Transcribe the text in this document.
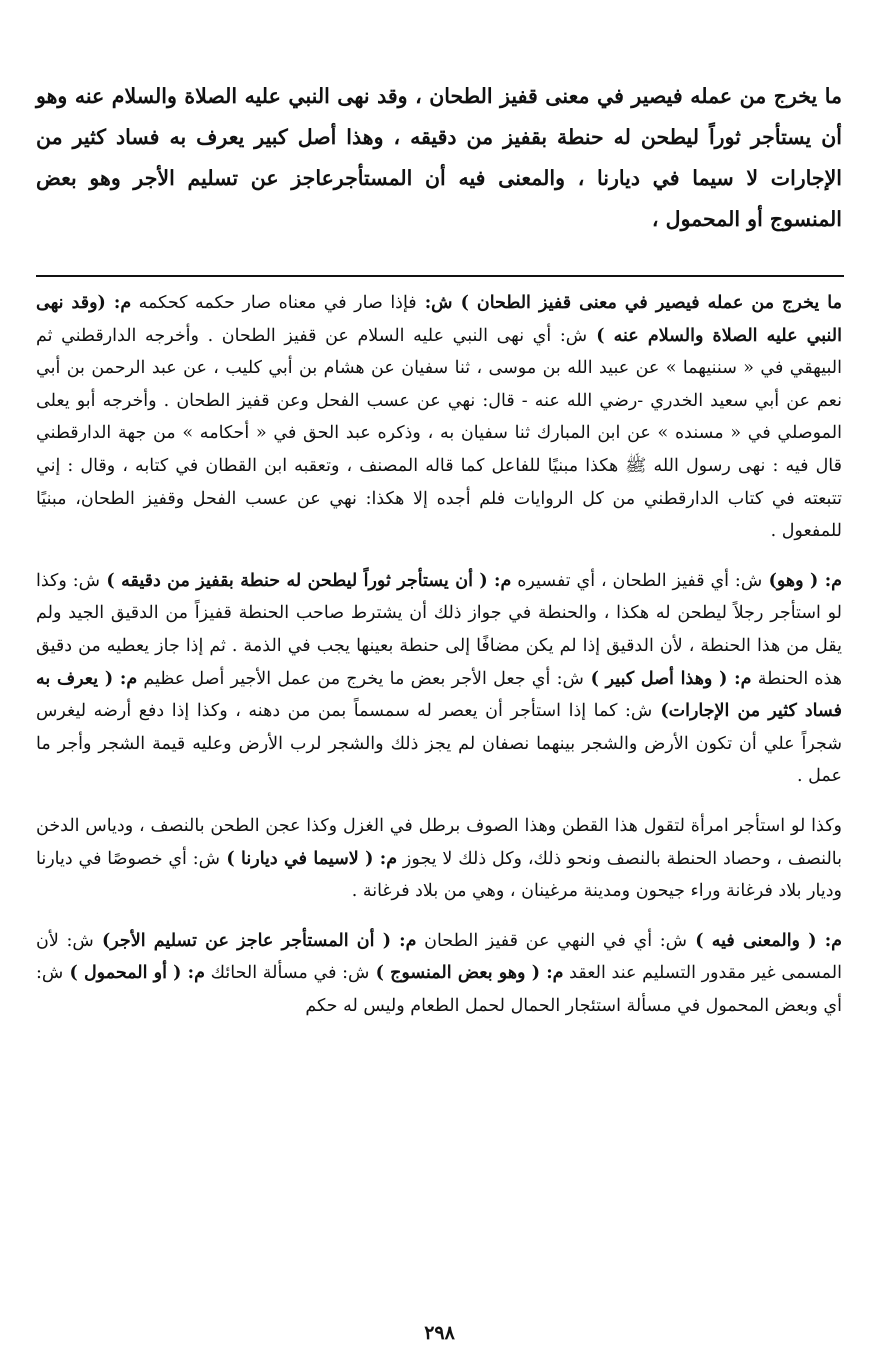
ما يخرج من عمله فيصير في معنى قفيز الطحان ، وقد نهى النبي عليه الصلاة والسلام عنه وهو أن يستأجر ثوراً ليطحن له حنطة بقفيز من دقيقه ، وهذا أصل كبير يعرف به فساد كثير من الإجارات لا سيما في ديارنا ، والمعنى فيه أن المستأجرعاجز عن تسليم الأجر وهو بعض المنسوج أو المحمول ،

ما يخرج من عمله فيصير في معنى قفيز الطحان ) ش: فإذا صار في معناه صار حكمه كحكمه م: (وقد نهى النبي عليه الصلاة والسلام عنه ) ش: أي نهى النبي عليه السلام عن قفيز الطحان . وأخرجه الدارقطني ثم البيهقي في « سننيهما » عن عبيد الله بن موسى ، ثنا سفيان عن هشام بن أبي كليب ، عن عبد الرحمن بن أبي نعم عن أبي سعيد الخدري -رضي الله عنه - قال: نهي عن عسب الفحل وعن قفيز الطحان . وأخرجه أبو يعلى الموصلي في « مسنده » عن ابن المبارك ثنا سفيان به ، وذكره عبد الحق في « أحكامه » من جهة الدارقطني قال فيه : نهى رسول الله ﷺ هكذا مبنيًا للفاعل كما قاله المصنف ، وتعقبه ابن القطان في كتابه ، وقال : إني تتبعته في كتاب الدارقطني من كل الروايات فلم أجده إلا هكذا: نهي عن عسب الفحل وقفيز الطحان، مبنيًا للمفعول .

م: ( وهو) ش: أي قفيز الطحان ، أي تفسيره م: ( أن يستأجر ثوراً ليطحن له حنطة بقفيز من دقيقه ) ش: وكذا لو استأجر رجلاً ليطحن له هكذا ، والحنطة في جواز ذلك أن يشترط صاحب الحنطة قفيزاً من الدقيق الجيد ولم يقل من هذا الحنطة ، لأن الدقيق إذا لم يكن مضافًا إلى حنطة بعينها يجب في الذمة . ثم إذا جاز يعطيه من دقيق هذه الحنطة م: ( وهذا أصل كبير ) ش: أي جعل الأجر بعض ما يخرج من عمل الأجير أصل عظيم م: ( يعرف به فساد كثير من الإجارات) ش: كما إذا استأجر أن يعصر له سمسماً بمن من دهنه ، وكذا إذا دفع أرضه ليغرس شجراً علي أن تكون الأرض والشجر بينهما نصفان لم يجز ذلك والشجر لرب الأرض وعليه قيمة الشجر وأجر ما عمل .

وكذا لو استأجر امرأة لتقول هذا القطن وهذا الصوف برطل في الغزل وكذا عجن الطحن بالنصف ، ودياس الدخن بالنصف ، وحصاد الحنطة بالنصف ونحو ذلك، وكل ذلك لا يجوز م: ( لاسيما في ديارنا ) ش: أي خصوصًا في ديارنا وديار بلاد فرغانة وراء جيحون ومدينة مرغينان ، وهي من بلاد فرغانة .

م: ( والمعنى فيه ) ش: أي في النهي عن قفيز الطحان م: ( أن المستأجر عاجز عن تسليم الأجر) ش: لأن المسمى غير مقدور التسليم عند العقد م: ( وهو بعض المنسوج ) ش: في مسألة الحائك م: ( أو المحمول ) ش: أي وبعض المحمول في مسألة استئجار الحمال لحمل الطعام وليس له حكم

٢٩٨
